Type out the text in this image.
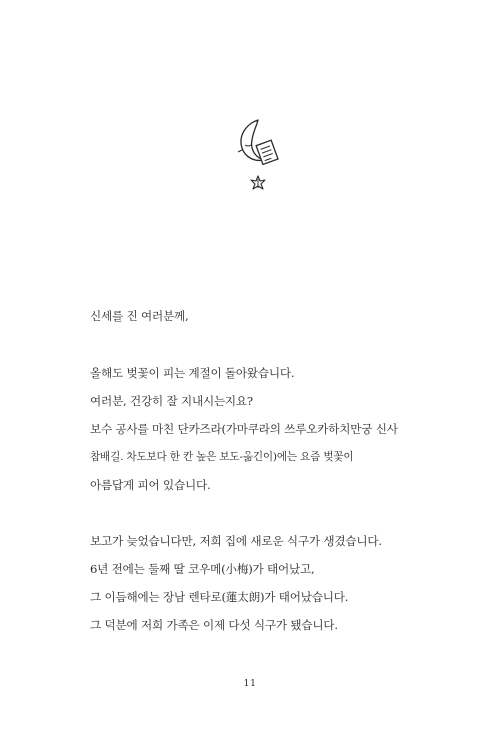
신세를 진 여러분께,
올해도 벚꽃이 피는 계절이 돌아왔습니다.
여러분, 건강히 잘 지내시는지요?
보수 공사를 마친 단카즈라(가마쿠라의 쓰루오카하치만궁 신사
참배길. 차도보다 한 칸 높은 보도-옮긴이)에는 요즘 벚꽃이
아름답게 피어 있습니다.
보고가 늦었습니다만, 저희 집에 새로운 식구가 생겼습니다.
6년 전에는 둘째 딸 코우메(小梅)가 태어났고,
그 이듬해에는 장남 렌타로(蓮太朗)가 태어났습니다.
그 덕분에 저희 가족은 이제 다섯 식구가 됐습니다.
11
